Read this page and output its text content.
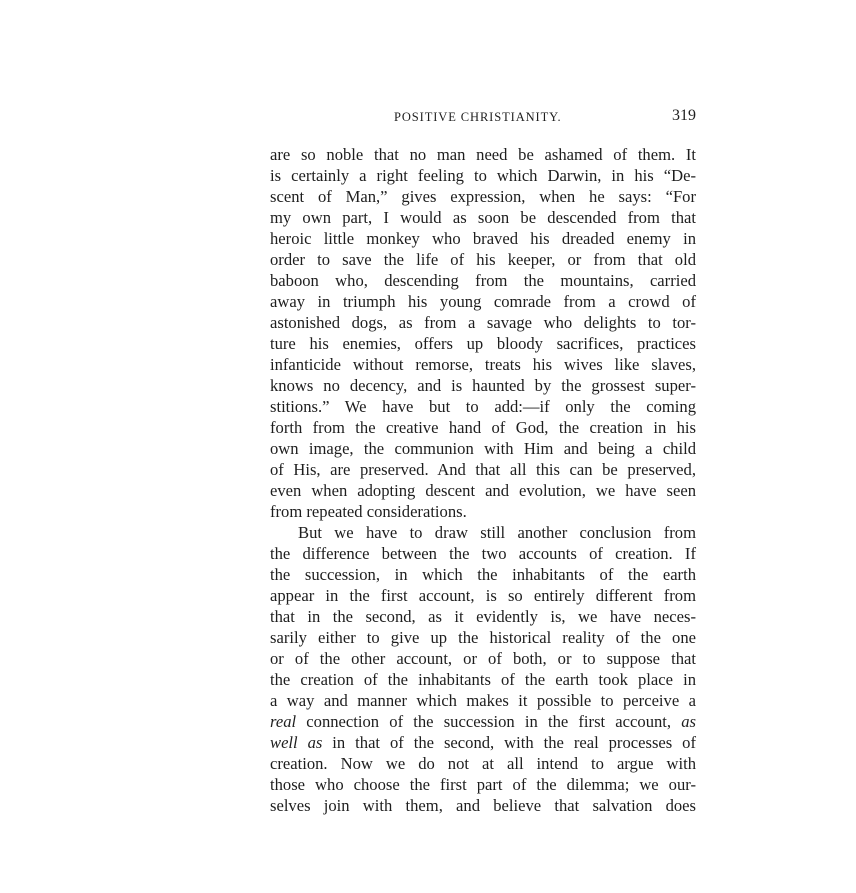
POSITIVE CHRISTIANITY.	319
are so noble that no man need be ashamed of them. It
is certainly a right feeling to which Darwin, in his “De-
scent of Man,” gives expression, when he says: “For
my own part, I would as soon be descended from that
heroic little monkey who braved his dreaded enemy in
order to save the life of his keeper, or from that old
baboon who, descending from the mountains, carried
away in triumph his young comrade from a crowd of
astonished dogs, as from a savage who delights to tor-
ture his enemies, offers up bloody sacrifices, practices
infanticide without remorse, treats his wives like slaves,
knows no decency, and is haunted by the grossest super-
stitions.” We have but to add:—if only the coming
forth from the creative hand of God, the creation in his
own image, the communion with Him and being a child
of His, are preserved. And that all this can be preserved,
even when adopting descent and evolution, we have seen
from repeated considerations.
But we have to draw still another conclusion from
the difference between the two accounts of creation. If
the succession, in which the inhabitants of the earth
appear in the first account, is so entirely different from
that in the second, as it evidently is, we have neces-
sarily either to give up the historical reality of the one
or of the other account, or of both, or to suppose that
the creation of the inhabitants of the earth took place in
a way and manner which makes it possible to perceive a
real connection of the succession in the first account, as
well as in that of the second, with the real processes of
creation. Now we do not at all intend to argue with
those who choose the first part of the dilemma; we our-
selves join with them, and believe that salvation does
